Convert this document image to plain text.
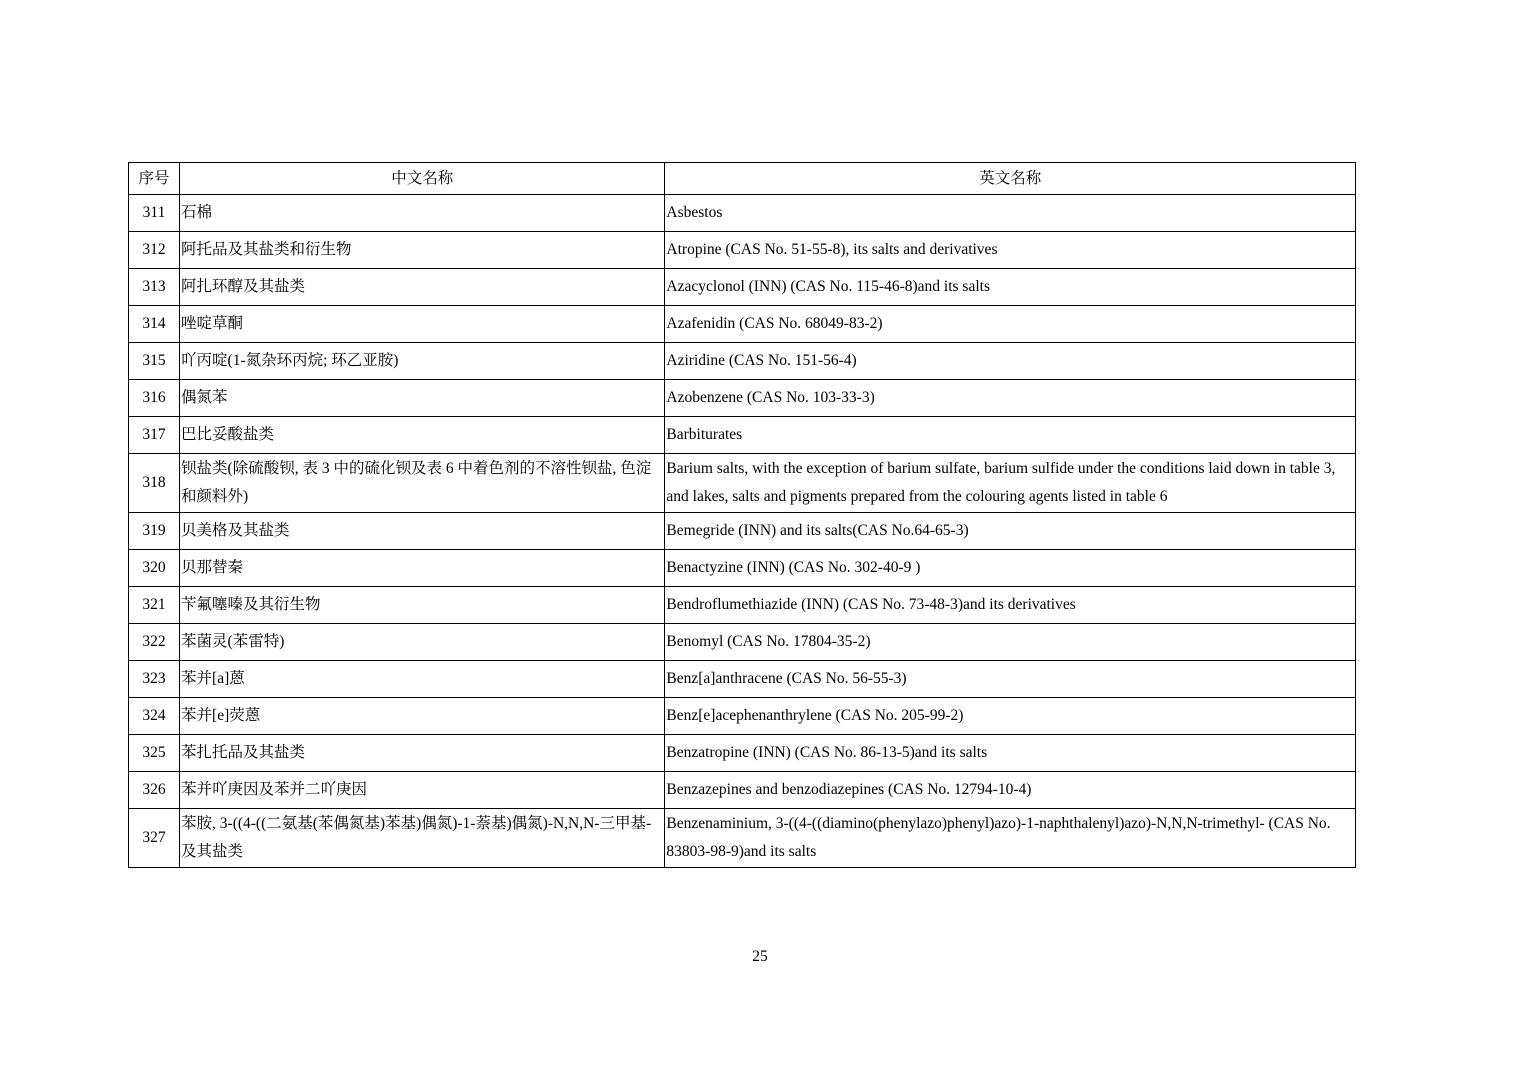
序号	中文名称	英文名称
311	石棉	Asbestos
312	阿托品及其盐类和衍生物	Atropine (CAS No. 51-55-8), its salts and derivatives
313	阿扎环醇及其盐类	Azacyclonol (INN) (CAS No. 115-46-8)and its salts
314	唑啶草酮	Azafenidin (CAS No. 68049-83-2)
315	吖丙啶(1-氮杂环丙烷; 环乙亚胺)	Aziridine (CAS No. 151-56-4)
316	偶氮苯	Azobenzene (CAS No. 103-33-3)
317	巴比妥酸盐类	Barbiturates
318	钡盐类(除硫酸钡, 表 3 中的硫化钡及表 6 中着色剂的不溶性钡盐, 色淀和颜料外)	Barium salts, with the exception of barium sulfate, barium sulfide under the conditions laid down in table 3, and lakes, salts and pigments prepared from the colouring agents listed in table 6
319	贝美格及其盐类	Bemegride (INN) and its salts(CAS No.64-65-3)
320	贝那替秦	Benactyzine (INN) (CAS No. 302-40-9 )
321	苄氟噻嗪及其衍生物	Bendroflumethiazide (INN) (CAS No. 73-48-3)and its derivatives
322	苯菌灵(苯雷特)	Benomyl (CAS No. 17804-35-2)
323	苯并[a]蒽	Benz[a]anthracene (CAS No. 56-55-3)
324	苯并[e]荧蒽	Benz[e]acephenanthrylene (CAS No. 205-99-2)
325	苯扎托品及其盐类	Benzatropine (INN) (CAS No. 86-13-5)and its salts
326	苯并吖庚因及苯并二吖庚因	Benzazepines and benzodiazepines (CAS No. 12794-10-4)
327	苯胺, 3-((4-((二氨基(苯偶氮基)苯基)偶氮)-1-萘基)偶氮)-N,N,N-三甲基- 及其盐类	Benzenaminium, 3-((4-((diamino(phenylazo)phenyl)azo)-1-naphthalenyl)azo)-N,N,N-trimethyl- (CAS No. 83803-98-9)and its salts
25
